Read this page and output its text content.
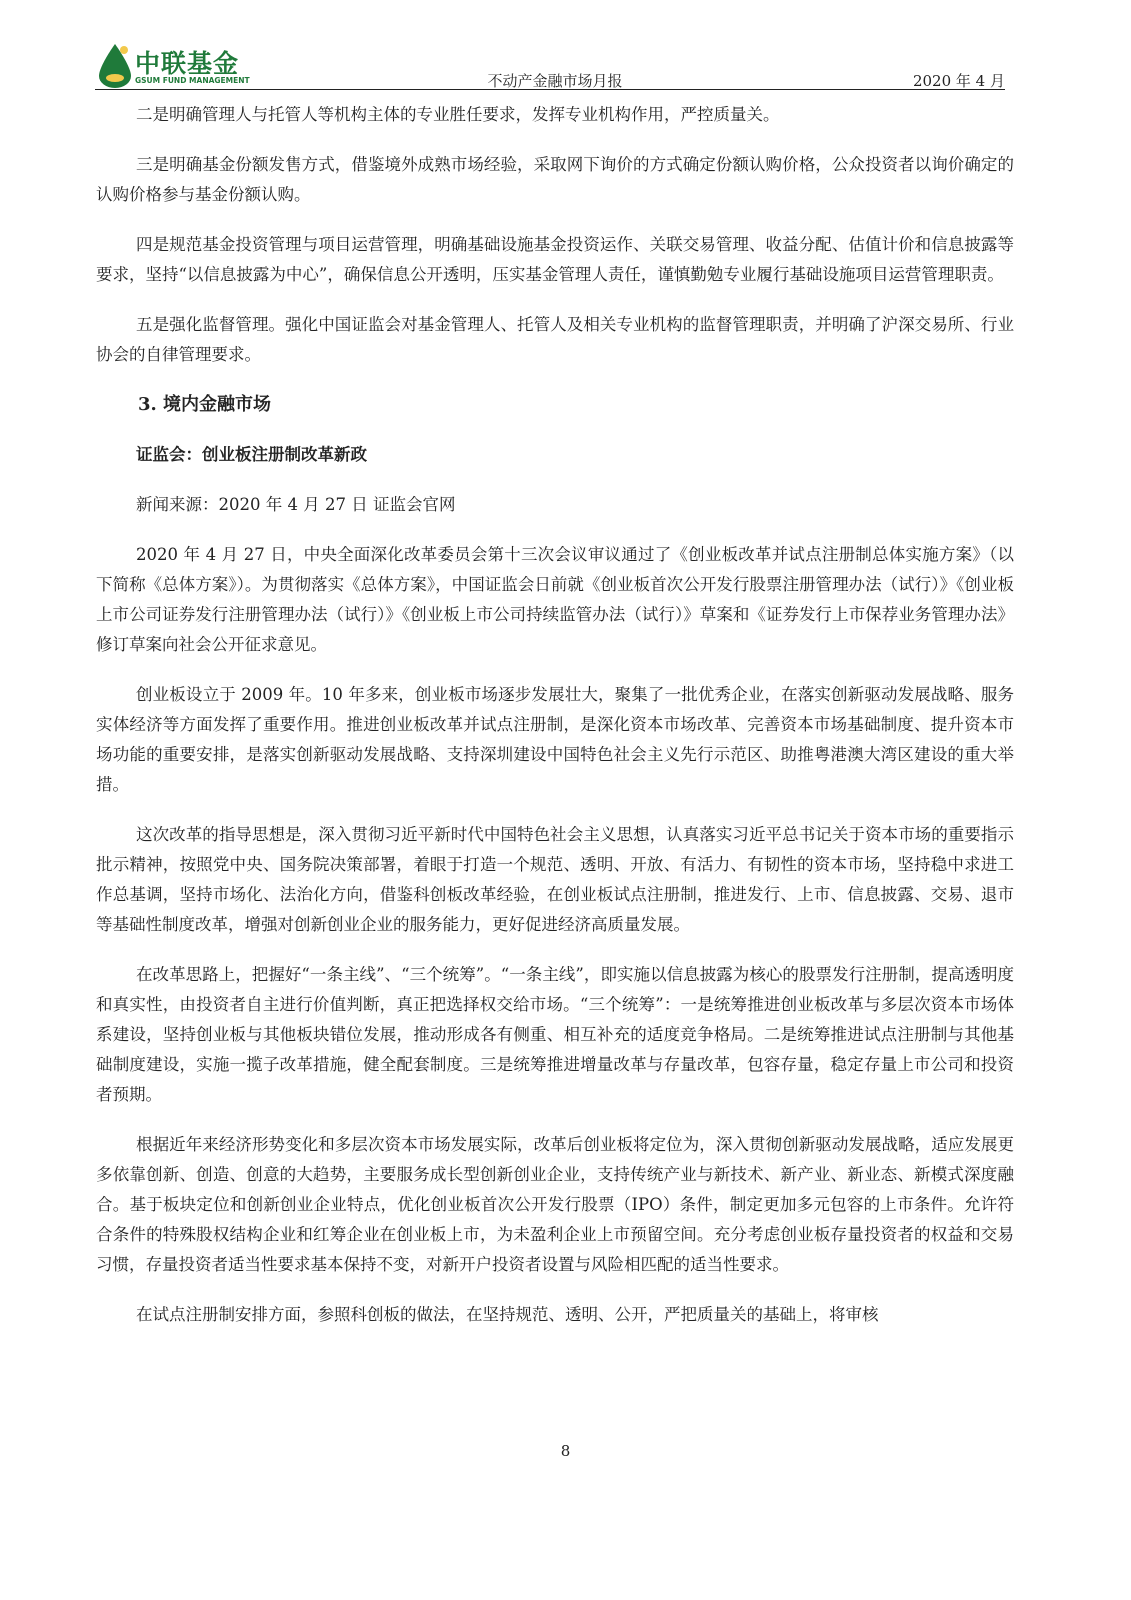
中联基金
GSUM FUND MANAGEMENT	不动产金融市场月报	2020 年 4 月

二是明确管理人与托管人等机构主体的专业胜任要求，发挥专业机构作用，严控质量关。

三是明确基金份额发售方式，借鉴境外成熟市场经验，采取网下询价的方式确定份额认购价格，公众投资者以询价确定的认购价格参与基金份额认购。

四是规范基金投资管理与项目运营管理，明确基础设施基金投资运作、关联交易管理、收益分配、估值计价和信息披露等要求，坚持“以信息披露为中心”，确保信息公开透明，压实基金管理人责任，谨慎勤勉专业履行基础设施项目运营管理职责。

五是强化监督管理。强化中国证监会对基金管理人、托管人及相关专业机构的监督管理职责，并明确了沪深交易所、行业协会的自律管理要求。

3. 境内金融市场
证监会：创业板注册制改革新政

新闻来源：2020 年 4 月 27 日 证监会官网

2020 年 4 月 27 日，中央全面深化改革委员会第十三次会议审议通过了《创业板改革并试点注册制总体实施方案》（以下简称《总体方案》）。为贯彻落实《总体方案》，中国证监会日前就《创业板首次公开发行股票注册管理办法（试行）》《创业板上市公司证券发行注册管理办法（试行）》《创业板上市公司持续监管办法（试行）》草案和《证券发行上市保荐业务管理办法》修订草案向社会公开征求意见。

创业板设立于 2009 年。10 年多来，创业板市场逐步发展壮大，聚集了一批优秀企业，在落实创新驱动发展战略、服务实体经济等方面发挥了重要作用。推进创业板改革并试点注册制，是深化资本市场改革、完善资本市场基础制度、提升资本市场功能的重要安排，是落实创新驱动发展战略、支持深圳建设中国特色社会主义先行示范区、助推粤港澳大湾区建设的重大举措。

这次改革的指导思想是，深入贯彻习近平新时代中国特色社会主义思想，认真落实习近平总书记关于资本市场的重要指示批示精神，按照党中央、国务院决策部署，着眼于打造一个规范、透明、开放、有活力、有韧性的资本市场，坚持稳中求进工作总基调，坚持市场化、法治化方向，借鉴科创板改革经验，在创业板试点注册制，推进发行、上市、信息披露、交易、退市等基础性制度改革，增强对创新创业企业的服务能力，更好促进经济高质量发展。

在改革思路上，把握好“一条主线”、“三个统筹”。“一条主线”，即实施以信息披露为核心的股票发行注册制，提高透明度和真实性，由投资者自主进行价值判断，真正把选择权交给市场。“三个统筹”：一是统筹推进创业板改革与多层次资本市场体系建设，坚持创业板与其他板块错位发展，推动形成各有侧重、相互补充的适度竞争格局。二是统筹推进试点注册制与其他基础制度建设，实施一揽子改革措施，健全配套制度。三是统筹推进增量改革与存量改革，包容存量，稳定存量上市公司和投资者预期。

根据近年来经济形势变化和多层次资本市场发展实际，改革后创业板将定位为，深入贯彻创新驱动发展战略，适应发展更多依靠创新、创造、创意的大趋势，主要服务成长型创新创业企业，支持传统产业与新技术、新产业、新业态、新模式深度融合。基于板块定位和创新创业企业特点，优化创业板首次公开发行股票（IPO）条件，制定更加多元包容的上市条件。允许符合条件的特殊股权结构企业和红筹企业在创业板上市，为未盈利企业上市预留空间。充分考虑创业板存量投资者的权益和交易习惯，存量投资者适当性要求基本保持不变，对新开户投资者设置与风险相匹配的适当性要求。

在试点注册制安排方面，参照科创板的做法，在坚持规范、透明、公开，严把质量关的基础上，将审核

8
